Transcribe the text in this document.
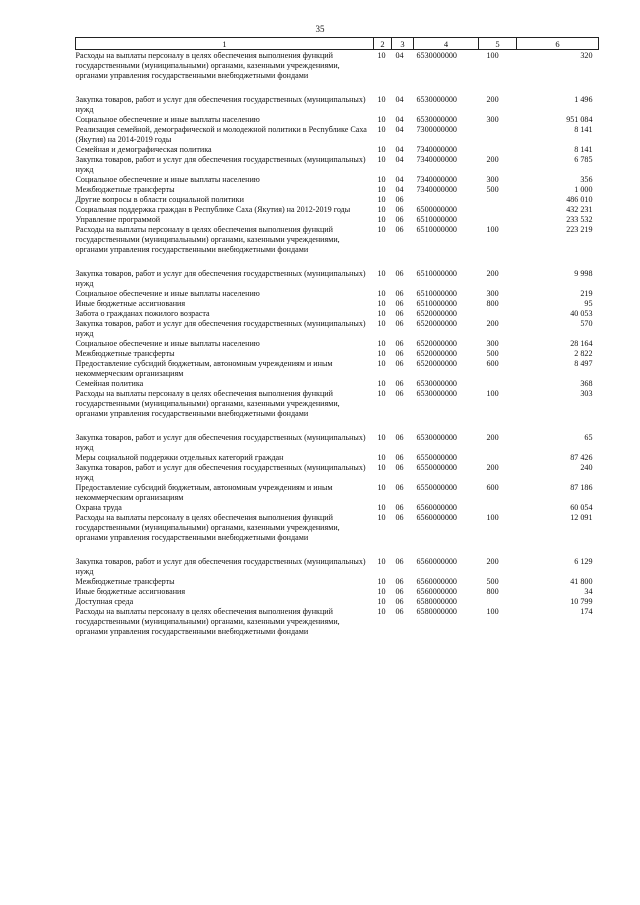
35
1	2	3	4	5	6
Расходы на выплаты персоналу в целях обеспечения выполнения функций государственными (муниципальными) органами, казенными учреждениями, органами управления государственными внебюджетными фондами	10	04	6530000000	100	320
Закупка товаров, работ и услуг для обеспечения государственных (муниципальных) нужд	10	04	6530000000	200	1 496
Социальное обеспечение и иные выплаты населению	10	04	6530000000	300	951 084
Реализация семейной, демографической и молодежной политики в Республике Саха (Якутия) на 2014-2019 годы	10	04	7300000000		8 141
Семейная и демографическая политика	10	04	7340000000		8 141
Закупка товаров, работ и услуг для обеспечения государственных (муниципальных) нужд	10	04	7340000000	200	6 785
Социальное обеспечение и иные выплаты населению	10	04	7340000000	300	356
Межбюджетные трансферты	10	04	7340000000	500	1 000
Другие вопросы в области социальной политики	10	06			486 010
Социальная поддержка граждан в Республике Саха (Якутия) на 2012-2019 годы	10	06	6500000000		432 231
Управление программой	10	06	6510000000		233 532
Расходы на выплаты персоналу в целях обеспечения выполнения функций государственными (муниципальными) органами, казенными учреждениями, органами управления государственными внебюджетными фондами	10	06	6510000000	100	223 219
Закупка товаров, работ и услуг для обеспечения государственных (муниципальных) нужд	10	06	6510000000	200	9 998
Социальное обеспечение и иные выплаты населению	10	06	6510000000	300	219
Иные бюджетные ассигнования	10	06	6510000000	800	95
Забота о гражданах пожилого возраста	10	06	6520000000		40 053
Закупка товаров, работ и услуг для обеспечения государственных (муниципальных) нужд	10	06	6520000000	200	570
Социальное обеспечение и иные выплаты населению	10	06	6520000000	300	28 164
Межбюджетные трансферты	10	06	6520000000	500	2 822
Предоставление субсидий бюджетным, автономным учреждениям и иным некоммерческим организациям	10	06	6520000000	600	8 497
Семейная политика	10	06	6530000000		368
Расходы на выплаты персоналу в целях обеспечения выполнения функций государственными (муниципальными) органами, казенными учреждениями, органами управления государственными внебюджетными фондами	10	06	6530000000	100	303
Закупка товаров, работ и услуг для обеспечения государственных (муниципальных) нужд	10	06	6530000000	200	65
Меры социальной поддержки отдельных категорий граждан	10	06	6550000000		87 426
Закупка товаров, работ и услуг для обеспечения государственных (муниципальных) нужд	10	06	6550000000	200	240
Предоставление субсидий бюджетным, автономным учреждениям и иным некоммерческим организациям	10	06	6550000000	600	87 186
Охрана труда	10	06	6560000000		60 054
Расходы на выплаты персоналу в целях обеспечения выполнения функций государственными (муниципальными) органами, казенными учреждениями, органами управления государственными внебюджетными фондами	10	06	6560000000	100	12 091
Закупка товаров, работ и услуг для обеспечения государственных (муниципальных) нужд	10	06	6560000000	200	6 129
Межбюджетные трансферты	10	06	6560000000	500	41 800
Иные бюджетные ассигнования	10	06	6560000000	800	34
Доступная среда	10	06	6580000000		10 799
Расходы на выплаты персоналу в целях обеспечения выполнения функций государственными (муниципальными) органами, казенными учреждениями, органами управления государственными внебюджетными фондами	10	06	6580000000	100	174
